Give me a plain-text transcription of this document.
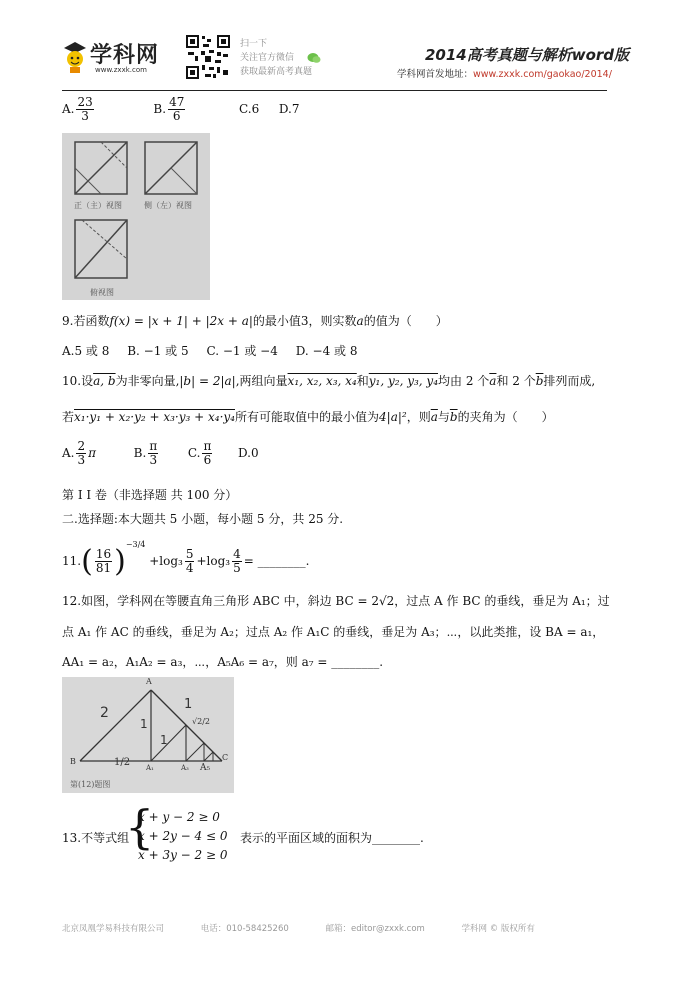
学科网
www.zxxk.com
扫一下
关注官方微信
获取最新高考真题
2014高考真题与解析word版
学科网首发地址：www.zxxk.com/gaokao/2014/
A. $\frac{23}{3}$	B. $\frac{47}{6}$	C.6 D.7
正（主）视图	侧（左）视图
俯视图
9.若函数f(x) = |x + 1| + |2x + a|的最小值3，则实数a的值为（　　）
A.5 或 8 B. −1 或 5 C. −1 或 −4 D. −4 或 8
10.设a, b为非零向量,|b| = 2|a|,两组向量x₁, x₂, x₃, x₄和y₁, y₂, y₃, y₄均由 2 个$\overline{a}$和 2 个$\overline{b}$排列而成,
若x₁·y₁ + x₂·y₂ + x₃·y₃ + x₄·y₄所有可能取值中的最小值为4|a|²，则$\overline{a}$与$\overline{b}$的夹角为（　　）
A. $\frac{2}{3}$ π	B. $\frac{\pi}{3} C$. $\frac{\pi}{6} D.0$
第 I I 卷（非选择题 共 100 分）
二.选择题:本大题共 5 小题，每小题 5 分，共 25 分.
$11.( \frac{16}{81} )^{-3/4} +\log_3 \frac{5}{4} +\log_3 \frac{4}{5}$ = ________.
12.如图，学科网在等腰直角三角形 ABC 中，斜边 BC = 2√2，过点 A 作 BC 的垂线，垂足为 A₁；过
点 A₁ 作 AC 的垂线，垂足为 A₂；过点 A₂ 作 A₁C 的垂线，垂足为 A₃；⋯，以此类推，设 BA = a₁，
AA₁ = a₂，A₁A₂ = a₃，⋯，A₅A₆ = a₇，则 a₇ = ________.
A
B	C
A₁	A₃ A₅
2
1
1
1
1/2
√2/2
第(12)题图
13.不等式组
{
x + y − 2 ≥ 0
x + 2y − 4 ≤ 0
x + 3y − 2 ≥ 0
表示的平面区域的面积为________.
北京凤凰学易科技有限公司	电话：010-58425260	邮箱：editor@zxxk.com	学科网 © 版权所有
